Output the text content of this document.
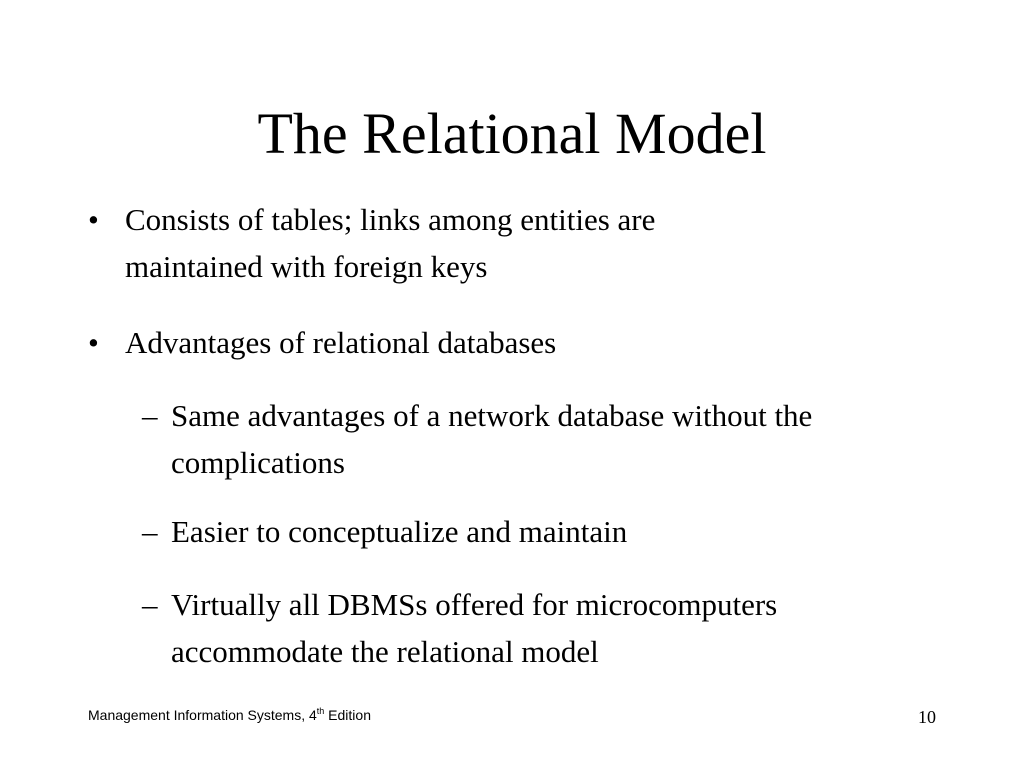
The Relational Model
• Consists of tables; links among entities are
maintained with foreign keys
• Advantages of relational databases
– Same advantages of a network database without the
complications
– Easier to conceptualize and maintain
– Virtually all DBMSs offered for microcomputers
accommodate the relational model
Management Information Systems, 4th Edition	10
